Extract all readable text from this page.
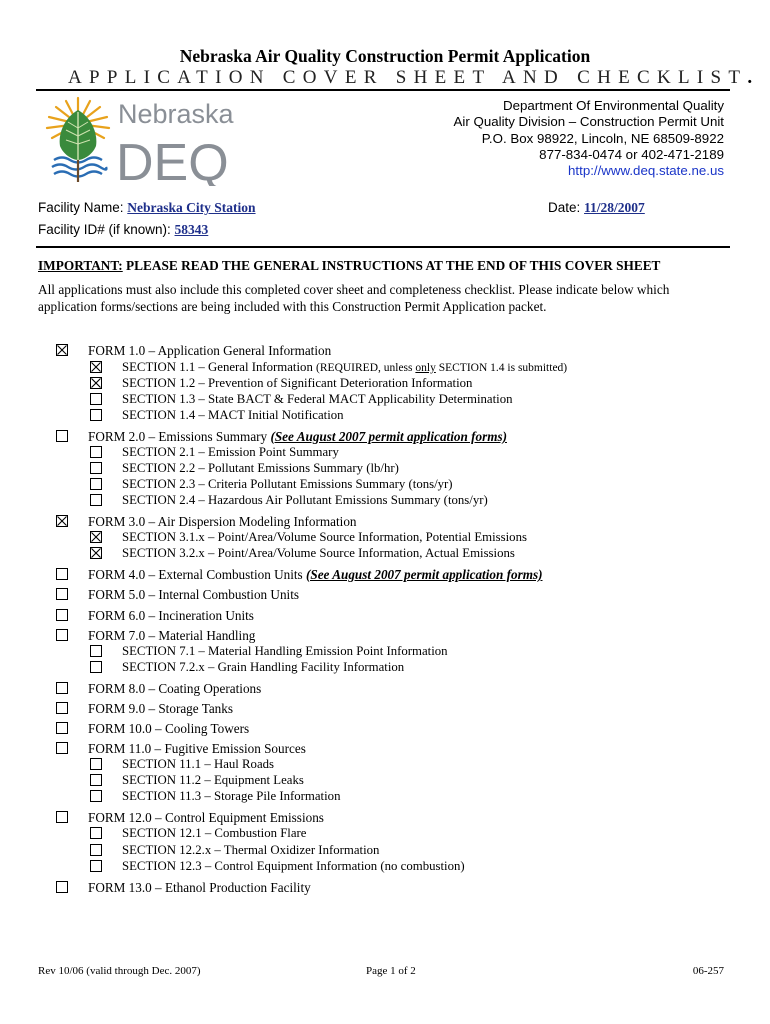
Nebraska Air Quality Construction Permit Application
APPLICATION COVER SHEET AND CHECKLIST.
Nebraska
DEQ
Department Of Environmental Quality
Air Quality Division – Construction Permit Unit
P.O. Box 98922, Lincoln, NE 68509-8922
877-834-0474 or 402-471-2189
http://www.deq.state.ne.us
Facility Name: Nebraska City Station	Date: 11/28/2007
Facility ID# (if known): 58343
IMPORTANT: PLEASE READ THE GENERAL INSTRUCTIONS AT THE END OF THIS COVER SHEET
All applications must also include this completed cover sheet and completeness checklist. Please indicate below which application forms/sections are being included with this Construction Permit Application packet.
FORM 1.0 – Application General Information
SECTION 1.1 – General Information (REQUIRED, unless only SECTION 1.4 is submitted)
SECTION 1.2 – Prevention of Significant Deterioration Information
SECTION 1.3 – State BACT & Federal MACT Applicability Determination
SECTION 1.4 – MACT Initial Notification
FORM 2.0 – Emissions Summary (See August 2007 permit application forms)
SECTION 2.1 – Emission Point Summary
SECTION 2.2 – Pollutant Emissions Summary (lb/hr)
SECTION 2.3 – Criteria Pollutant Emissions Summary (tons/yr)
SECTION 2.4 – Hazardous Air Pollutant Emissions Summary (tons/yr)
FORM 3.0 – Air Dispersion Modeling Information
SECTION 3.1.x – Point/Area/Volume Source Information, Potential Emissions
SECTION 3.2.x – Point/Area/Volume Source Information, Actual Emissions
FORM 4.0 – External Combustion Units (See August 2007 permit application forms)
FORM 5.0 – Internal Combustion Units
FORM 6.0 – Incineration Units
FORM 7.0 – Material Handling
SECTION 7.1 – Material Handling Emission Point Information
SECTION 7.2.x – Grain Handling Facility Information
FORM 8.0 – Coating Operations
FORM 9.0 – Storage Tanks
FORM 10.0 – Cooling Towers
FORM 11.0 – Fugitive Emission Sources
SECTION 11.1 – Haul Roads
SECTION 11.2 – Equipment Leaks
SECTION 11.3 – Storage Pile Information
FORM 12.0 – Control Equipment Emissions
SECTION 12.1 – Combustion Flare
SECTION 12.2.x – Thermal Oxidizer Information
SECTION 12.3 – Control Equipment Information (no combustion)
FORM 13.0 – Ethanol Production Facility
Rev 10/06 (valid through Dec. 2007)	Page 1 of 2	06-257
